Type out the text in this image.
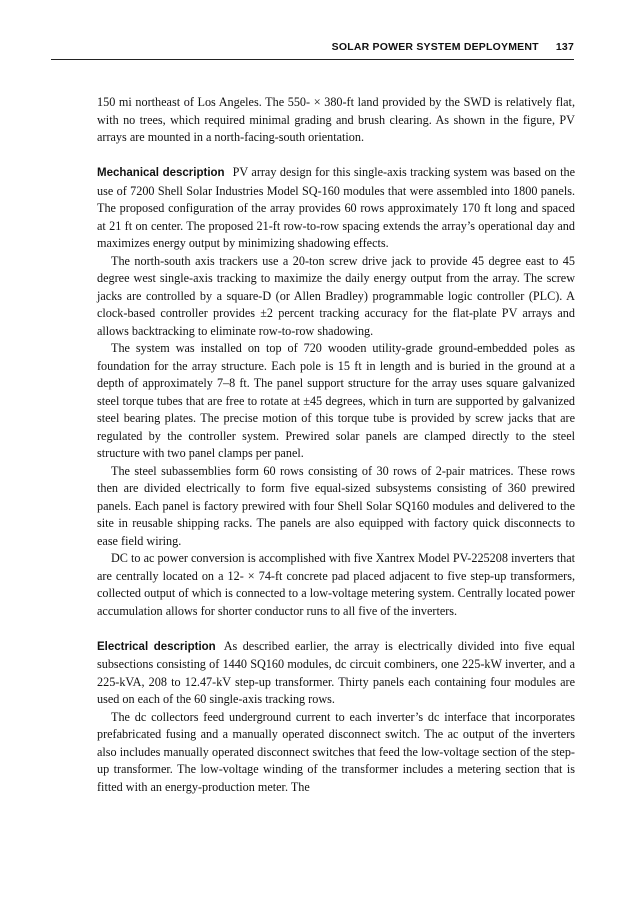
SOLAR POWER SYSTEM DEPLOYMENT 137

150 mi northeast of Los Angeles. The 550- × 380-ft land provided by the SWD is relatively flat, with no trees, which required minimal grading and brush clearing. As shown in the figure, PV arrays are mounted in a north-facing-south orientation.

Mechanical description PV array design for this single-axis tracking system was based on the use of 7200 Shell Solar Industries Model SQ-160 modules that were assembled into 1800 panels. The proposed configuration of the array provides 60 rows approximately 170 ft long and spaced at 21 ft on center. The proposed 21-ft row-to-row spacing extends the array’s operational day and maximizes energy output by minimizing shadowing effects.

The north-south axis trackers use a 20-ton screw drive jack to provide 45 degree east to 45 degree west single-axis tracking to maximize the daily energy output from the array. The screw jacks are controlled by a square-D (or Allen Bradley) programmable logic controller (PLC). A clock-based controller provides ±2 percent tracking accuracy for the flat-plate PV arrays and allows backtracking to eliminate row-to-row shadowing.

The system was installed on top of 720 wooden utility-grade ground-embedded poles as foundation for the array structure. Each pole is 15 ft in length and is buried in the ground at a depth of approximately 7–8 ft. The panel support structure for the array uses square galvanized steel torque tubes that are free to rotate at ±45 degrees, which in turn are supported by galvanized steel bearing plates. The precise motion of this torque tube is provided by screw jacks that are regulated by the controller system. Prewired solar panels are clamped directly to the steel structure with two panel clamps per panel.

The steel subassemblies form 60 rows consisting of 30 rows of 2-pair matrices. These rows then are divided electrically to form five equal-sized subsystems consisting of 360 prewired panels. Each panel is factory prewired with four Shell Solar SQ160 modules and delivered to the site in reusable shipping racks. The panels are also equipped with factory quick disconnects to ease field wiring.

DC to ac power conversion is accomplished with five Xantrex Model PV-225208 inverters that are centrally located on a 12- × 74-ft concrete pad placed adjacent to five step-up transformers, collected output of which is connected to a low-voltage metering system. Centrally located power accumulation allows for shorter conductor runs to all five of the inverters.

Electrical description As described earlier, the array is electrically divided into five equal subsections consisting of 1440 SQ160 modules, dc circuit combiners, one 225-kW inverter, and a 225-kVA, 208 to 12.47-kV step-up transformer. Thirty panels each containing four modules are used on each of the 60 single-axis tracking rows.

The dc collectors feed underground current to each inverter’s dc interface that incorporates prefabricated fusing and a manually operated disconnect switch. The ac output of the inverters also includes manually operated disconnect switches that feed the low-voltage section of the step-up transformer. The low-voltage winding of the transformer includes a metering section that is fitted with an energy-production meter. The
